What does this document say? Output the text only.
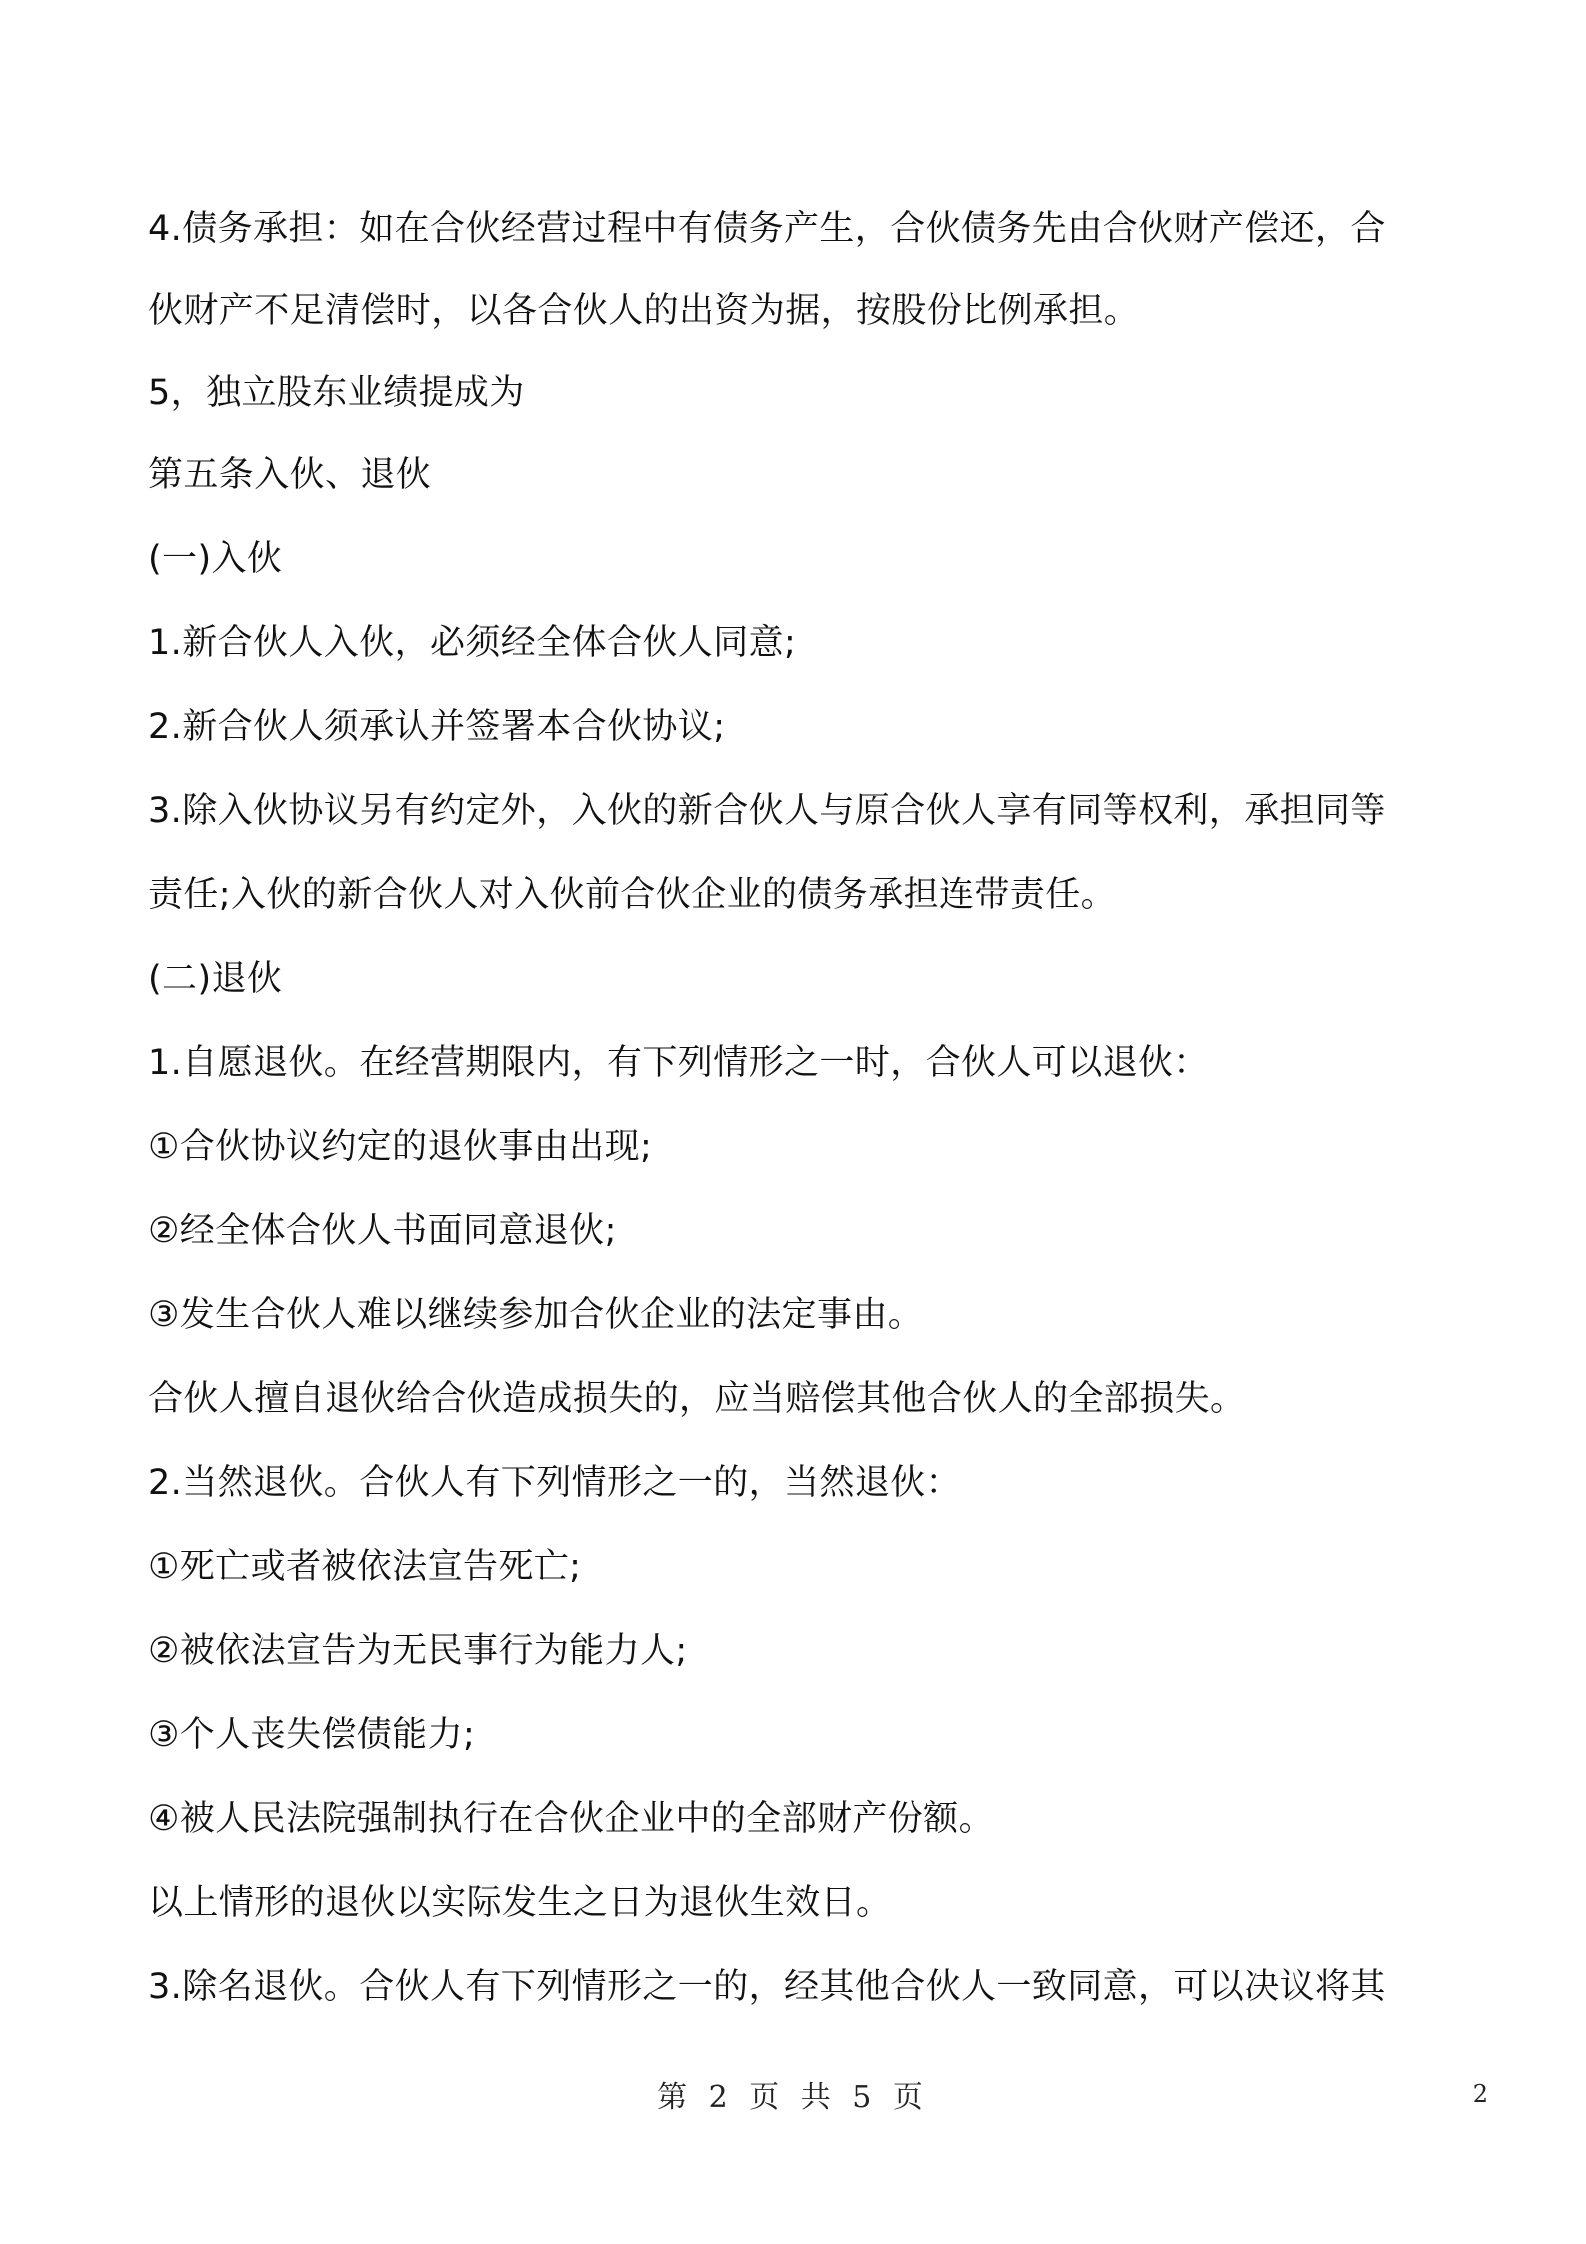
4.债务承担：如在合伙经营过程中有债务产生，合伙债务先由合伙财产偿还，合
伙财产不足清偿时，以各合伙人的出资为据，按股份比例承担。
5，独立股东业绩提成为
第五条入伙、退伙
(一)入伙
1.新合伙人入伙，必须经全体合伙人同意;
2.新合伙人须承认并签署本合伙协议;
3.除入伙协议另有约定外，入伙的新合伙人与原合伙人享有同等权利，承担同等
责任;入伙的新合伙人对入伙前合伙企业的债务承担连带责任。
(二)退伙
1.自愿退伙。在经营期限内，有下列情形之一时，合伙人可以退伙：
①合伙协议约定的退伙事由出现;
②经全体合伙人书面同意退伙;
③发生合伙人难以继续参加合伙企业的法定事由。
合伙人擅自退伙给合伙造成损失的，应当赔偿其他合伙人的全部损失。
2.当然退伙。合伙人有下列情形之一的，当然退伙：
①死亡或者被依法宣告死亡;
②被依法宣告为无民事行为能力人;
③个人丧失偿债能力;
④被人民法院强制执行在合伙企业中的全部财产份额。
以上情形的退伙以实际发生之日为退伙生效日。
3.除名退伙。合伙人有下列情形之一的，经其他合伙人一致同意，可以决议将其
第 2 页 共 5 页	2
